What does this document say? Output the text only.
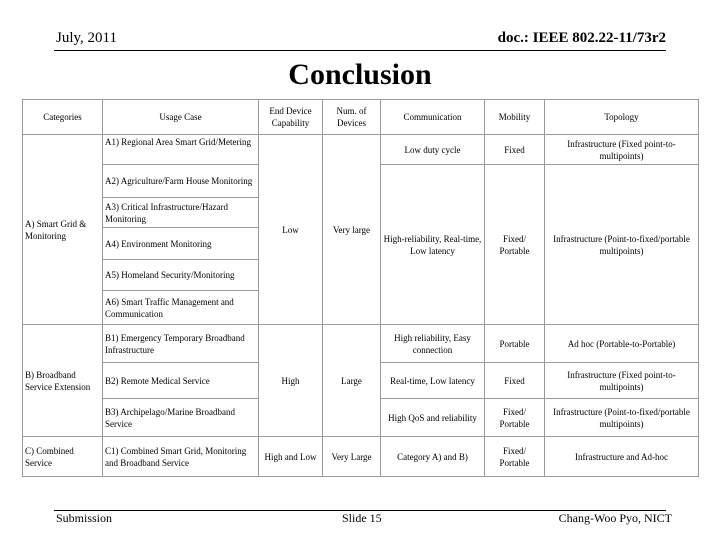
July, 2011	doc.: IEEE 802.22-11/73r2
Conclusion
Categories	Usage Case	End Device Capability	Num. of Devices	Communication	Mobility	Topology
A) Smart Grid & Monitoring	A1) Regional Area Smart Grid/Metering	Low	Very large	Low duty cycle	Fixed	Infrastructure (Fixed point-to-multipoints)
	A2) Agriculture/Farm House Monitoring			High-reliability, Real-time, Low latency	Fixed/ Portable	Infrastructure (Point-to-fixed/portable multipoints)
	A3) Critical Infrastructure/Hazard Monitoring					
	A4) Environment Monitoring					
	A5) Homeland Security/Monitoring					
	A6) Smart Traffic Management and Communication					
B) Broadband Service Extension	B1) Emergency Temporary Broadband Infrastructure	High	Large	High reliability, Easy connection	Portable	Ad hoc (Portable-to-Portable)
	B2) Remote Medical Service			Real-time, Low latency	Fixed	Infrastructure (Fixed point-to-multipoints)
	B3) Archipelago/Marine Broadband Service			High QoS and reliability	Fixed/ Portable	Infrastructure (Point-to-fixed/portable multipoints)
C) Combined Service	C1) Combined Smart Grid, Monitoring and Broadband Service	High and Low	Very Large	Category A) and B)	Fixed/ Portable	Infrastructure and Ad-hoc
Submission	Slide 15	Chang-Woo Pyo, NICT
